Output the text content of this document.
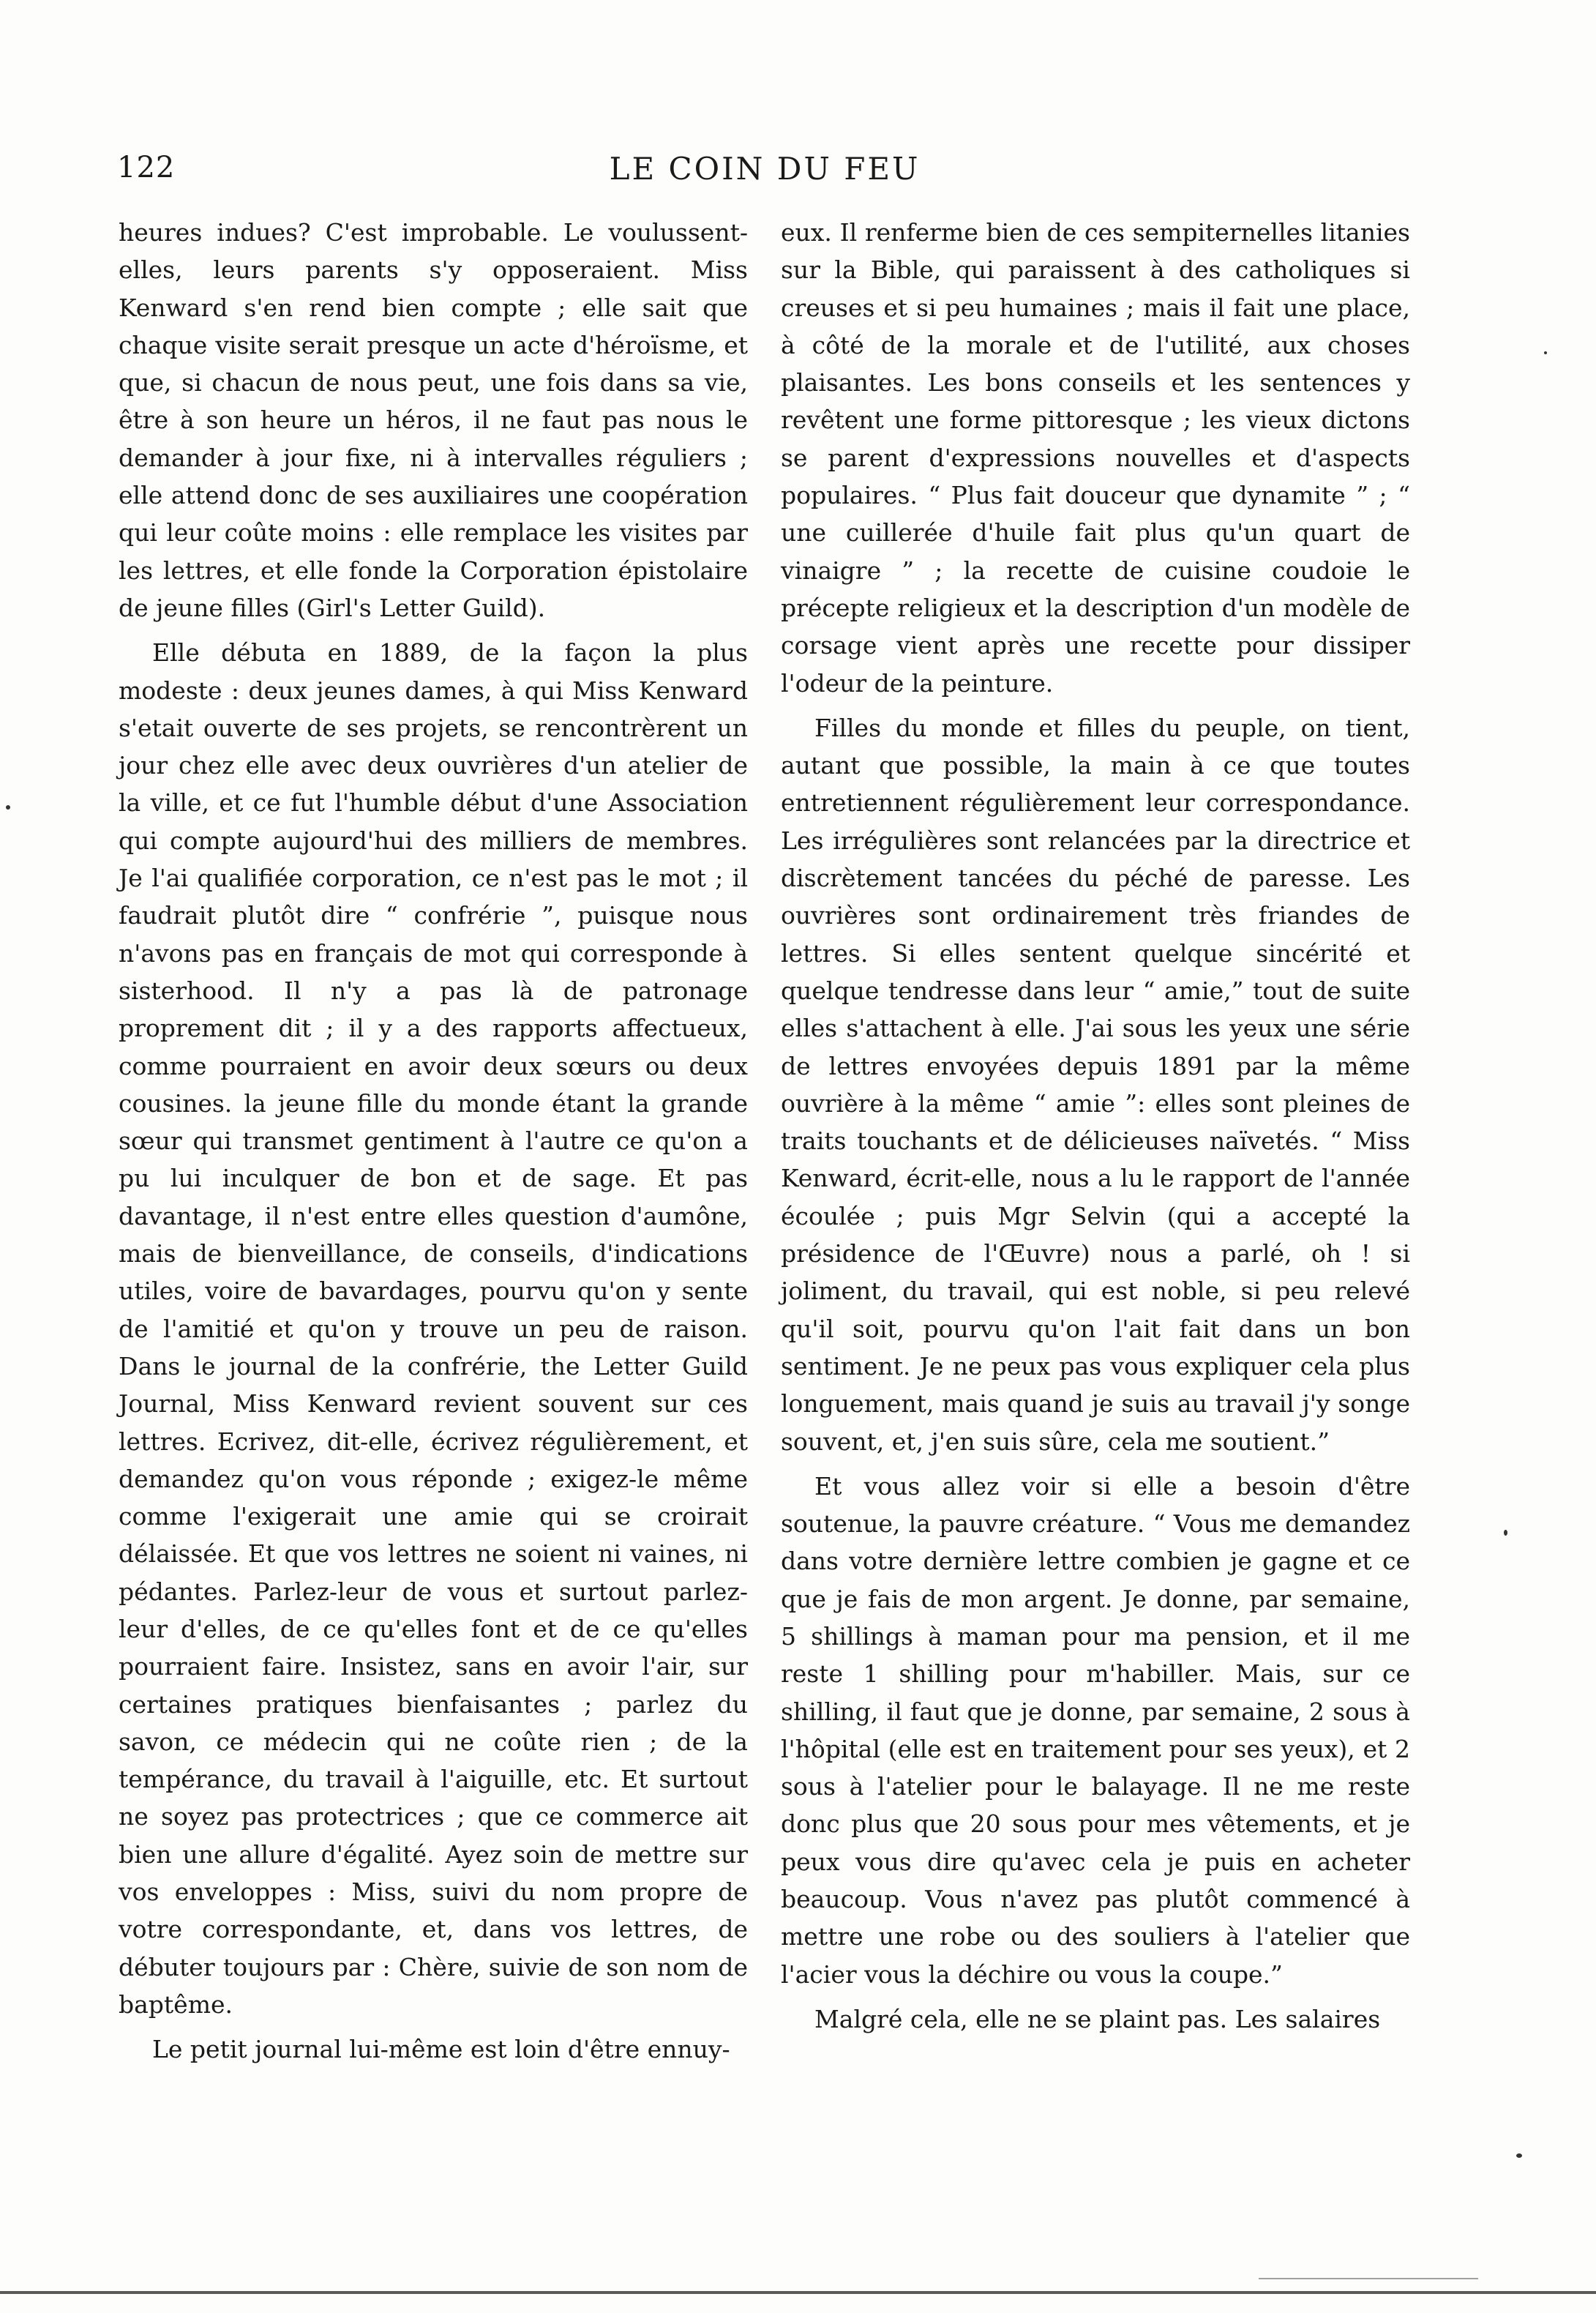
122	LE COIN DU FEU

heures indues? C'est improbable. Le voulussent-elles, leurs parents s'y opposeraient. Miss Kenward s'en rend bien compte ; elle sait que chaque visite serait presque un acte d'héroïsme, et que, si chacun de nous peut, une fois dans sa vie, être à son heure un héros, il ne faut pas nous le demander à jour fixe, ni à intervalles réguliers ; elle attend donc de ses auxiliaires une coopération qui leur coûte moins : elle remplace les visites par les lettres, et elle fonde la Corporation épistolaire de jeune filles (Girl's Letter Guild).

Elle débuta en 1889, de la façon la plus modeste : deux jeunes dames, à qui Miss Kenward s'etait ouverte de ses projets, se rencontrèrent un jour chez elle avec deux ouvrières d'un atelier de la ville, et ce fut l'humble début d'une Association qui compte aujourd'hui des milliers de membres. Je l'ai qualifiée corporation, ce n'est pas le mot ; il faudrait plutôt dire “ confrérie ”, puisque nous n'avons pas en français de mot qui corresponde à sisterhood. Il n'y a pas là de patronage proprement dit ; il y a des rapports affectueux, comme pourraient en avoir deux sœurs ou deux cousines. la jeune fille du monde étant la grande sœur qui transmet gentiment à l'autre ce qu'on a pu lui inculquer de bon et de sage. Et pas davantage, il n'est entre elles question d'aumône, mais de bienveillance, de conseils, d'indications utiles, voire de bavardages, pourvu qu'on y sente de l'amitié et qu'on y trouve un peu de raison. Dans le journal de la confrérie, the Letter Guild Journal, Miss Kenward revient souvent sur ces lettres. Ecrivez, dit-elle, écrivez régulièrement, et demandez qu'on vous réponde ; exigez-le même comme l'exigerait une amie qui se croirait délaissée. Et que vos lettres ne soient ni vaines, ni pédantes. Parlez-leur de vous et surtout parlez-leur d'elles, de ce qu'elles font et de ce qu'elles pourraient faire. Insistez, sans en avoir l'air, sur certaines pratiques bienfaisantes ; parlez du savon, ce médecin qui ne coûte rien ; de la tempérance, du travail à l'aiguille, etc. Et surtout ne soyez pas protectrices ; que ce commerce ait bien une allure d'égalité. Ayez soin de mettre sur vos enveloppes : Miss, suivi du nom propre de votre correspondante, et, dans vos lettres, de débuter toujours par : Chère, suivie de son nom de baptême.

Le petit journal lui-même est loin d'être ennuy-

eux. Il renferme bien de ces sempiternelles litanies sur la Bible, qui paraissent à des catholiques si creuses et si peu humaines ; mais il fait une place, à côté de la morale et de l'utilité, aux choses plaisantes. Les bons conseils et les sentences y revêtent une forme pittoresque ; les vieux dictons se parent d'expressions nouvelles et d'aspects populaires. “ Plus fait douceur que dynamite ” ; “ une cuillerée d'huile fait plus qu'un quart de vinaigre ” ; la recette de cuisine coudoie le précepte religieux et la description d'un modèle de corsage vient après une recette pour dissiper l'odeur de la peinture.

Filles du monde et filles du peuple, on tient, autant que possible, la main à ce que toutes entretiennent régulièrement leur correspondance. Les irrégulières sont relancées par la directrice et discrètement tancées du péché de paresse. Les ouvrières sont ordinairement très friandes de lettres. Si elles sentent quelque sincérité et quelque tendresse dans leur “ amie,” tout de suite elles s'attachent à elle. J'ai sous les yeux une série de lettres envoyées depuis 1891 par la même ouvrière à la même “ amie ”: elles sont pleines de traits touchants et de délicieuses naïvetés. “ Miss Kenward, écrit-elle, nous a lu le rapport de l'année écoulée ; puis Mgr Selvin (qui a accepté la présidence de l'Œuvre) nous a parlé, oh ! si joliment, du travail, qui est noble, si peu relevé qu'il soit, pourvu qu'on l'ait fait dans un bon sentiment. Je ne peux pas vous expliquer cela plus longuement, mais quand je suis au travail j'y songe souvent, et, j'en suis sûre, cela me soutient.”

Et vous allez voir si elle a besoin d'être soutenue, la pauvre créature. “ Vous me demandez dans votre dernière lettre combien je gagne et ce que je fais de mon argent. Je donne, par semaine, 5 shillings à maman pour ma pension, et il me reste 1 shilling pour m'habiller. Mais, sur ce shilling, il faut que je donne, par semaine, 2 sous à l'hôpital (elle est en traitement pour ses yeux), et 2 sous à l'atelier pour le balayage. Il ne me reste donc plus que 20 sous pour mes vêtements, et je peux vous dire qu'avec cela je puis en acheter beaucoup. Vous n'avez pas plutôt commencé à mettre une robe ou des souliers à l'atelier que l'acier vous la déchire ou vous la coupe.”

Malgré cela, elle ne se plaint pas. Les salaires
